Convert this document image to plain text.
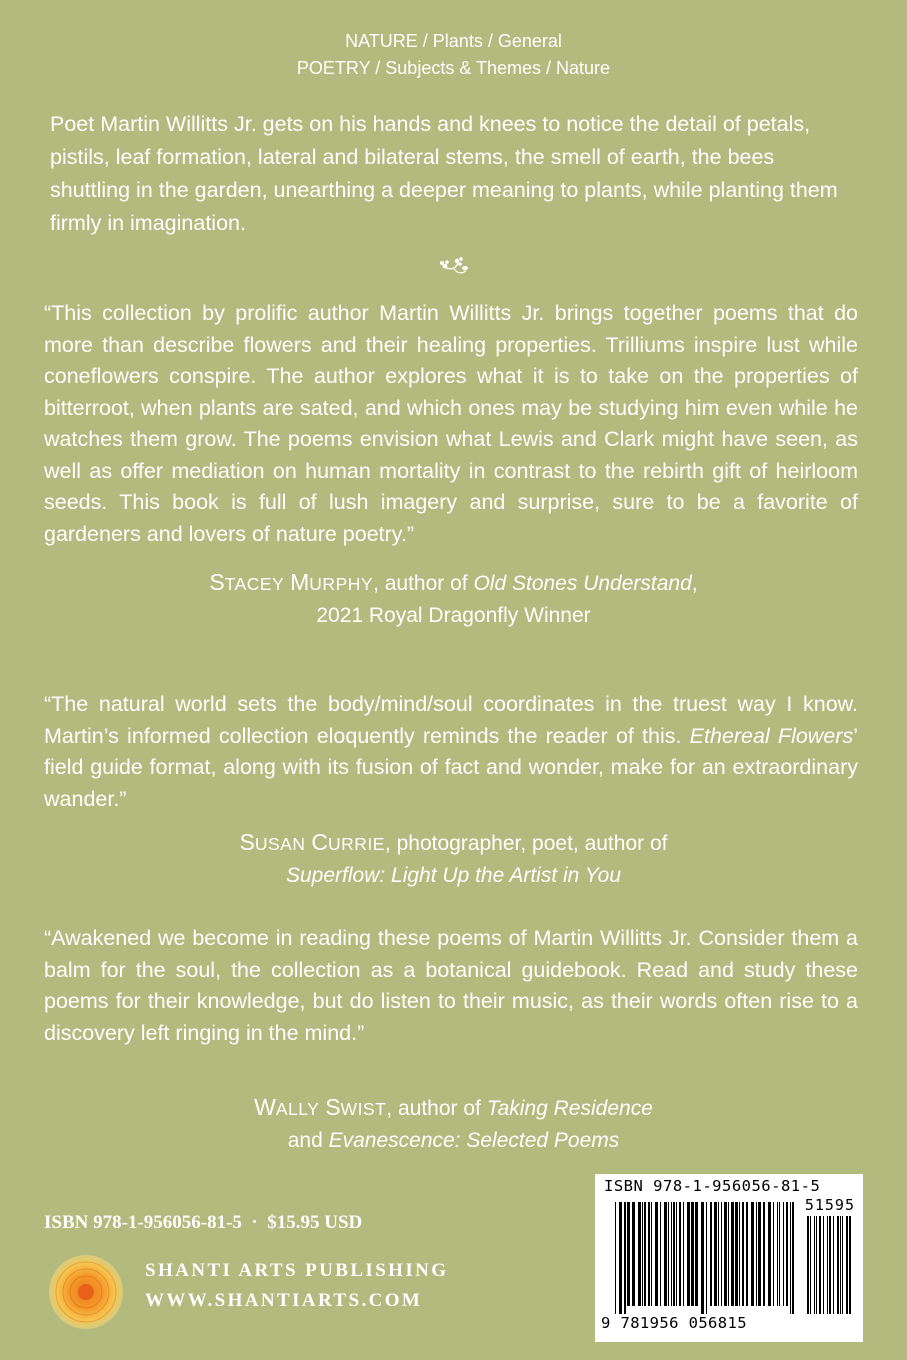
NATURE / Plants / General
POETRY / Subjects & Themes / Nature
Poet Martin Willitts Jr. gets on his hands and knees to notice the detail of petals, pistils, leaf formation, lateral and bilateral stems, the smell of earth, the bees shuttling in the garden, unearthing a deeper meaning to plants, while planting them firmly in imagination.
“This collection by prolific author Martin Willitts Jr. brings together poems that do more than describe flowers and their healing properties. Trilliums inspire lust while coneflowers conspire. The author explores what it is to take on the properties of bitterroot, when plants are sated, and which ones may be studying him even while he watches them grow. The poems envision what Lewis and Clark might have seen, as well as offer mediation on human mortality in contrast to the rebirth gift of heirloom seeds. This book is full of lush imagery and surprise, sure to be a favorite of gardeners and lovers of nature poetry.”
STACEY MURPHY, author of Old Stones Understand,
2021 Royal Dragonfly Winner
“The natural world sets the body/mind/soul coordinates in the truest way I know. Martin’s informed collection eloquently reminds the reader of this. Ethereal Flowers’ field guide format, along with its fusion of fact and wonder, make for an extraordinary wander.”
SUSAN CURRIE, photographer, poet, author of
Superflow: Light Up the Artist in You
“Awakened we become in reading these poems of Martin Willitts Jr. Consider them a balm for the soul, the collection as a botanical guidebook. Read and study these poems for their knowledge, but do listen to their music, as their words often rise to a discovery left ringing in the mind.”
WALLY SWIST, author of Taking Residence
and Evanescence: Selected Poems
ISBN 978-1-956056-81-5  ·  $15.95 USD
SHANTI ARTS PUBLISHING
WWW.SHANTIARTS.COM
ISBN 978-1-956056-81-5
51595
9 781956 056815
